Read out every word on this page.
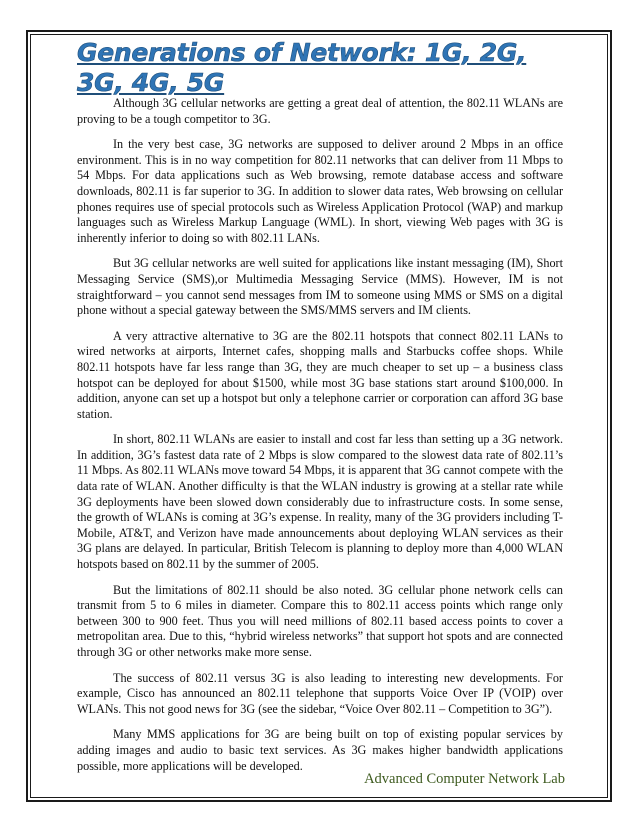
Generations of Network: 1G, 2G, 3G, 4G, 5G

Although 3G cellular networks are getting a great deal of attention, the 802.11 WLANs are proving to be a tough competitor to 3G.

In the very best case, 3G networks are supposed to deliver around 2 Mbps in an office environment. This is in no way competition for 802.11 networks that can deliver from 11 Mbps to 54 Mbps. For data applications such as Web browsing, remote database access and software downloads, 802.11 is far superior to 3G. In addition to slower data rates, Web browsing on cellular phones requires use of special protocols such as Wireless Application Protocol (WAP) and markup languages such as Wireless Markup Language (WML). In short, viewing Web pages with 3G is inherently inferior to doing so with 802.11 LANs.

But 3G cellular networks are well suited for applications like instant messaging (IM), Short Messaging Service (SMS),or Multimedia Messaging Service (MMS). However, IM is not straightforward – you cannot send messages from IM to someone using MMS or SMS on a digital phone without a special gateway between the SMS/MMS servers and IM clients.

A very attractive alternative to 3G are the 802.11 hotspots that connect 802.11 LANs to wired networks at airports, Internet cafes, shopping malls and Starbucks coffee shops. While 802.11 hotspots have far less range than 3G, they are much cheaper to set up – a business class hotspot can be deployed for about $1500, while most 3G base stations start around $100,000. In addition, anyone can set up a hotspot but only a telephone carrier or corporation can afford 3G base station.

In short, 802.11 WLANs are easier to install and cost far less than setting up a 3G network. In addition, 3G’s fastest data rate of 2 Mbps is slow compared to the slowest data rate of 802.11’s 11 Mbps. As 802.11 WLANs move toward 54 Mbps, it is apparent that 3G cannot compete with the data rate of WLAN. Another difficulty is that the WLAN industry is growing at a stellar rate while 3G deployments have been slowed down considerably due to infrastructure costs. In some sense, the growth of WLANs is coming at 3G’s expense. In reality, many of the 3G providers including T-Mobile, AT&T, and Verizon have made announcements about deploying WLAN services as their 3G plans are delayed. In particular, British Telecom is planning to deploy more than 4,000 WLAN hotspots based on 802.11 by the summer of 2005.

But the limitations of 802.11 should be also noted. 3G cellular phone network cells can transmit from 5 to 6 miles in diameter. Compare this to 802.11 access points which range only between 300 to 900 feet. Thus you will need millions of 802.11 based access points to cover a metropolitan area. Due to this, “hybrid wireless networks” that support hot spots and are connected through 3G or other networks make more sense.

The success of 802.11 versus 3G is also leading to interesting new developments. For example, Cisco has announced an 802.11 telephone that supports Voice Over IP (VOIP) over WLANs. This not good news for 3G (see the sidebar, “Voice Over 802.11 – Competition to 3G”).

Many MMS applications for 3G are being built on top of existing popular services by adding images and audio to basic text services. As 3G makes higher bandwidth applications possible, more applications will be developed.

Advanced Computer Network Lab
